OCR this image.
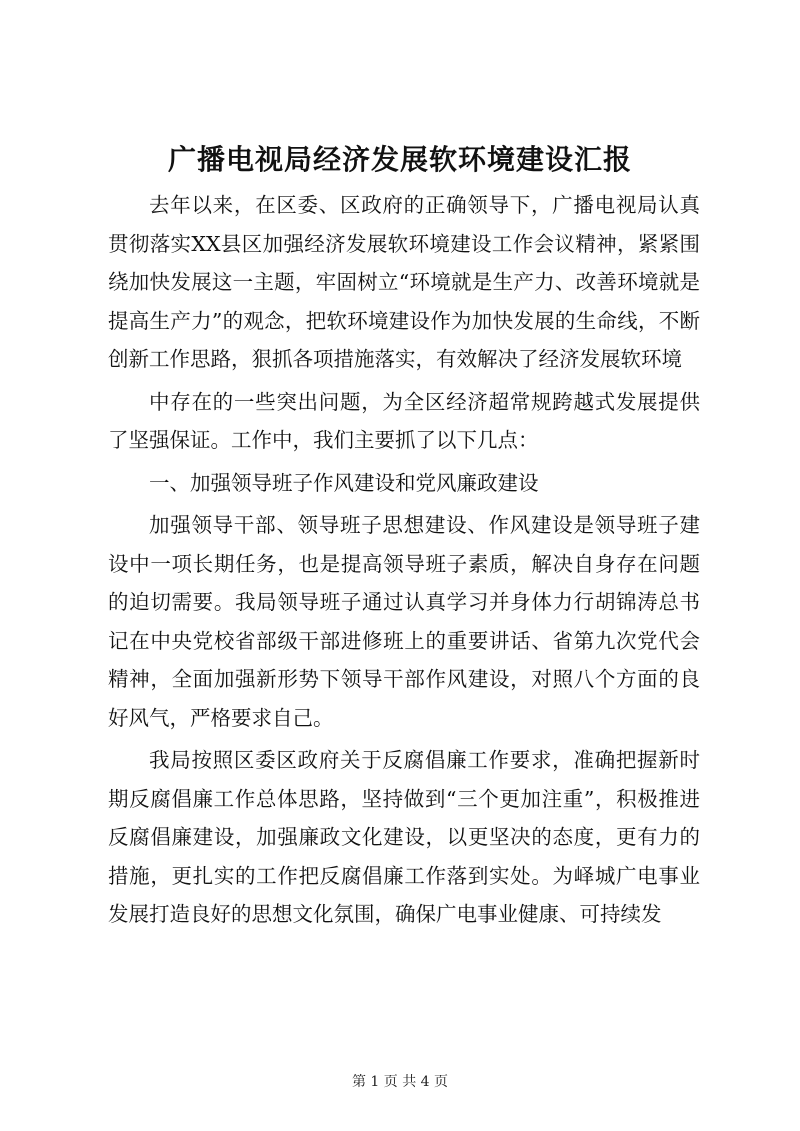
广播电视局经济发展软环境建设汇报

去年以来，在区委、区政府的正确领导下，广播电视局认真贯彻落实XX县区加强经济发展软环境建设工作会议精神，紧紧围绕加快发展这一主题，牢固树立“环境就是生产力、改善环境就是提高生产力”的观念，把软环境建设作为加快发展的生命线，不断创新工作思路，狠抓各项措施落实，有效解决了经济发展软环境

中存在的一些突出问题，为全区经济超常规跨越式发展提供了坚强保证。工作中，我们主要抓了以下几点：

一、加强领导班子作风建设和党风廉政建设

加强领导干部、领导班子思想建设、作风建设是领导班子建设中一项长期任务，也是提高领导班子素质，解决自身存在问题的迫切需要。我局领导班子通过认真学习并身体力行胡锦涛总书记在中央党校省部级干部进修班上的重要讲话、省第九次党代会精神，全面加强新形势下领导干部作风建设，对照八个方面的良好风气，严格要求自己。

我局按照区委区政府关于反腐倡廉工作要求，准确把握新时期反腐倡廉工作总体思路，坚持做到“三个更加注重”，积极推进反腐倡廉建设，加强廉政文化建设，以更坚决的态度，更有力的措施，更扎实的工作把反腐倡廉工作落到实处。为峄城广电事业发展打造良好的思想文化氛围，确保广电事业健康、可持续发

第 1 页 共 4 页
